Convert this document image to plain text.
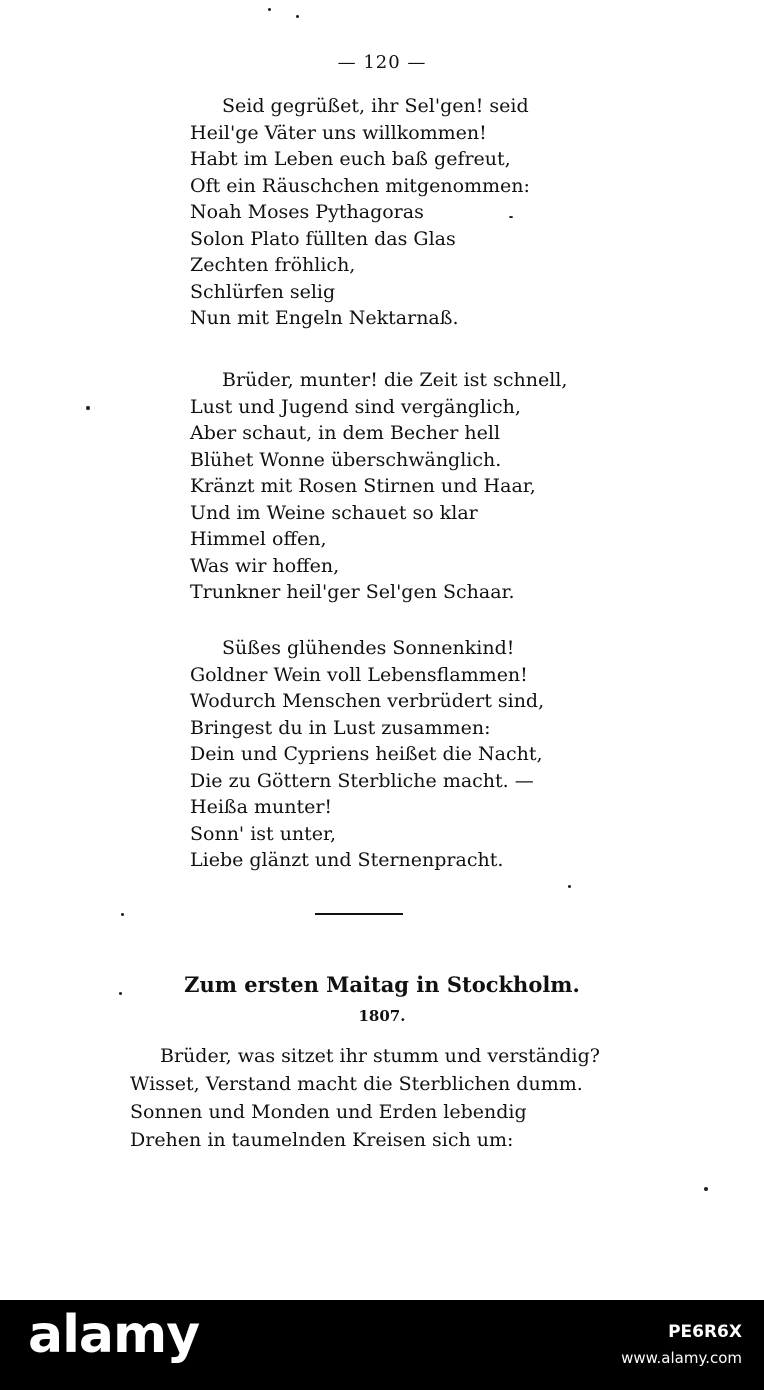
— 120 —
Seid gegrüßet, ihr Sel'gen! seid
Heil'ge Väter uns willkommen!
Habt im Leben euch baß gefreut,
Oft ein Räuschchen mitgenommen:
Noah Moses Pythagoras
Solon Plato füllten das Glas
Zechten fröhlich,
Schlürfen selig
Nun mit Engeln Nektarnaß.
Brüder, munter! die Zeit ist schnell,
Lust und Jugend sind vergänglich,
Aber schaut, in dem Becher hell
Blühet Wonne überschwänglich.
Kränzt mit Rosen Stirnen und Haar,
Und im Weine schauet so klar
Himmel offen,
Was wir hoffen,
Trunkner heil'ger Sel'gen Schaar.
Süßes glühendes Sonnenkind!
Goldner Wein voll Lebensflammen!
Wodurch Menschen verbrüdert sind,
Bringest du in Lust zusammen:
Dein und Cypriens heißet die Nacht,
Die zu Göttern Sterbliche macht. —
Heißa munter!
Sonn' ist unter,
Liebe glänzt und Sternenpracht.
Zum ersten Maitag in Stockholm.
1807.
Brüder, was sitzet ihr stumm und verständig?
Wisset, Verstand macht die Sterblichen dumm.
Sonnen und Monden und Erden lebendig
Drehen in taumelnden Kreisen sich um:
alamy	PE6R6X
www.alamy.com
